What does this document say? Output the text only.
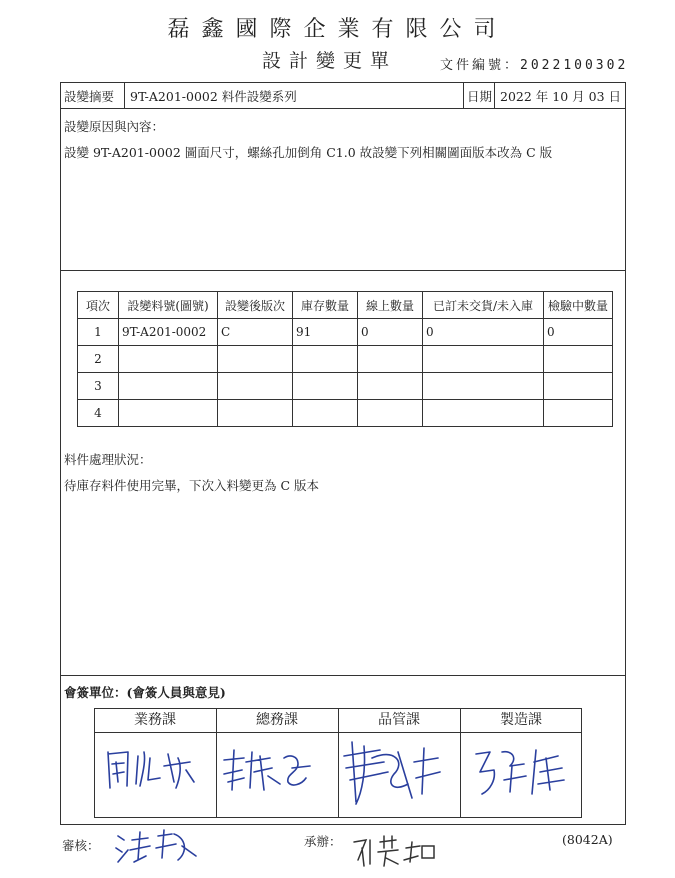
磊鑫國際企業有限公司
設計變更單	文件編號：2022100302
設變摘要 9T-A201-0002 料件設變系列	日期 2022 年 10 月 03 日
設變原因與內容：
設變 9T-A201-0002 圖面尺寸，螺絲孔加倒角 C1.0 故設變下列相關圖面版本改為 C 版
項次	設變料號(圖號)	設變後版次	庫存數量	線上數量	已訂未交貨/未入庫	檢驗中數量
1	9T-A201-0002	C	91	0	0	0
2						
3						
4						
料件處理狀況：
待庫存料件使用完畢，下次入料變更為 C 版本
會簽單位：(會簽人員與意見)
業務課	總務課	品管課	製造課
審核：	承辦：	(8042A)
